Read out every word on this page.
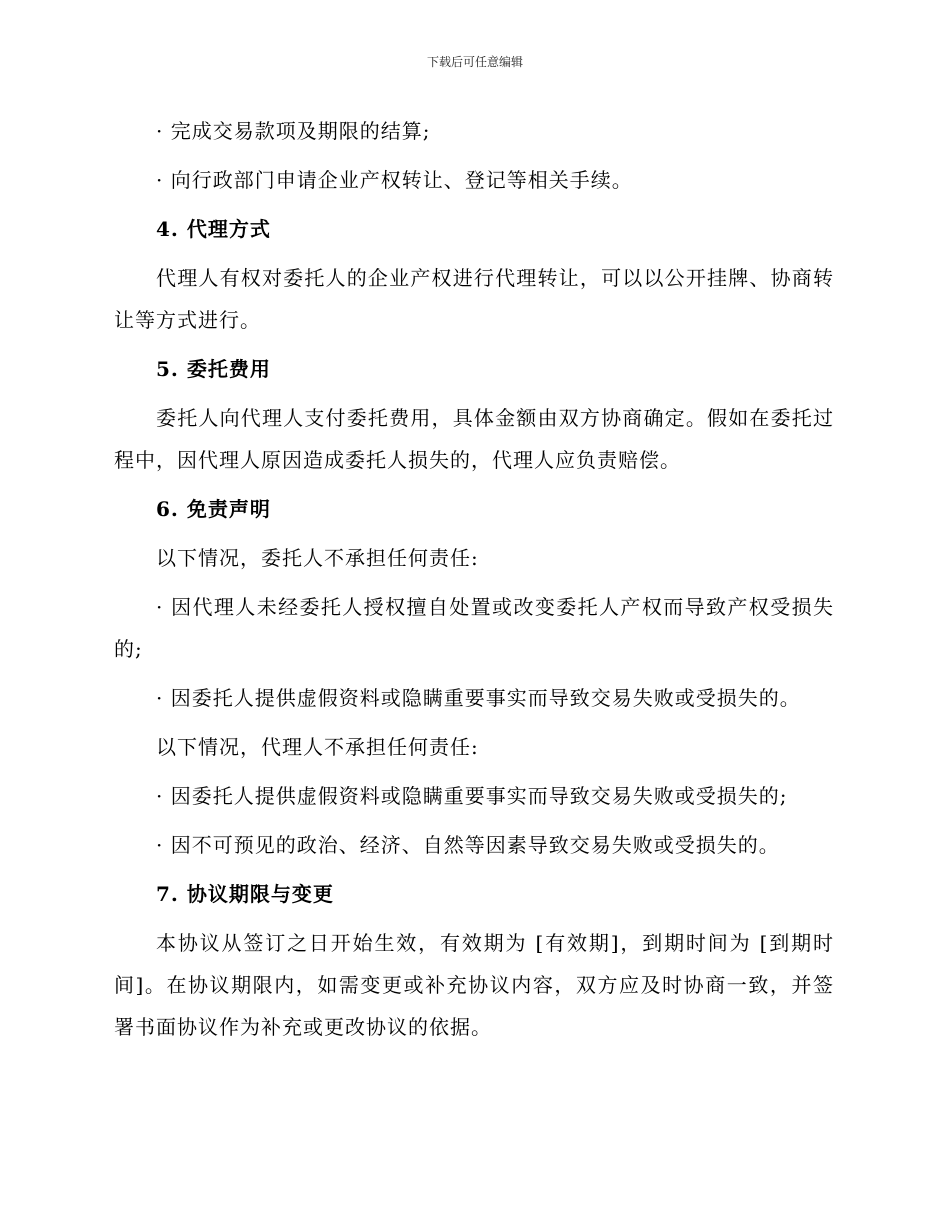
下载后可任意编辑

· 完成交易款项及期限的结算;

· 向行政部门申请企业产权转让、登记等相关手续。

4. 代理方式

代理人有权对委托人的企业产权进行代理转让，可以以公开挂牌、协商转让等方式进行。

5. 委托费用

委托人向代理人支付委托费用，具体金额由双方协商确定。假如在委托过程中，因代理人原因造成委托人损失的，代理人应负责赔偿。

6. 免责声明

以下情况，委托人不承担任何责任:

· 因代理人未经委托人授权擅自处置或改变委托人产权而导致产权受损失的;

· 因委托人提供虚假资料或隐瞒重要事实而导致交易失败或受损失的。

以下情况，代理人不承担任何责任:

· 因委托人提供虚假资料或隐瞒重要事实而导致交易失败或受损失的;

· 因不可预见的政治、经济、自然等因素导致交易失败或受损失的。

7. 协议期限与变更

本协议从签订之日开始生效，有效期为 [有效期]，到期时间为 [到期时间]。在协议期限内，如需变更或补充协议内容，双方应及时协商一致，并签署书面协议作为补充或更改协议的依据。
